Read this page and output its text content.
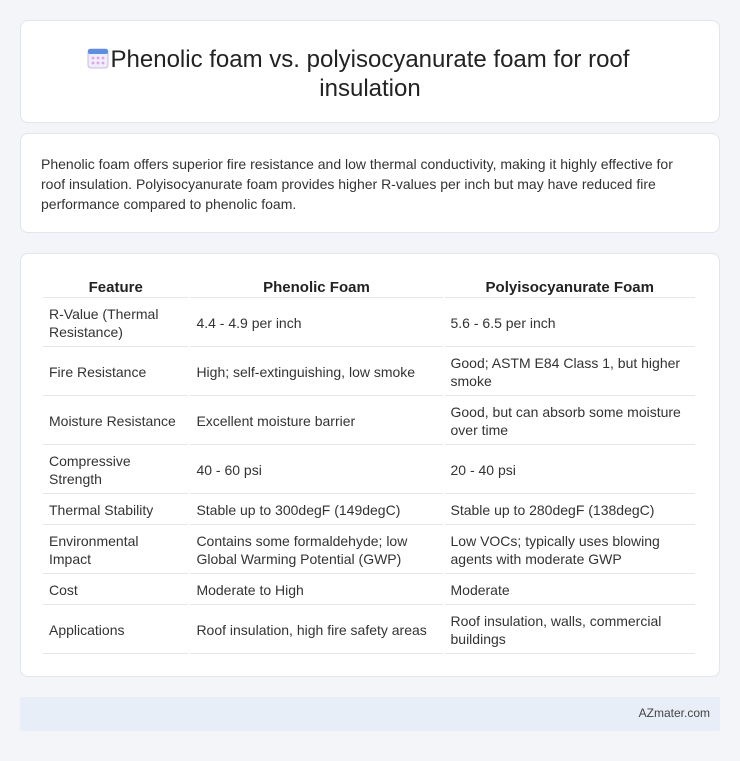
Phenolic foam vs. polyisocyanurate foam for roof insulation

Phenolic foam offers superior fire resistance and low thermal conductivity, making it highly effective for roof insulation. Polyisocyanurate foam provides higher R-values per inch but may have reduced fire performance compared to phenolic foam.

Feature	Phenolic Foam	Polyisocyanurate Foam
R-Value (Thermal Resistance)	4.4 - 4.9 per inch	5.6 - 6.5 per inch
Fire Resistance	High; self-extinguishing, low smoke	Good; ASTM E84 Class 1, but higher smoke
Moisture Resistance	Excellent moisture barrier	Good, but can absorb some moisture over time
Compressive Strength	40 - 60 psi	20 - 40 psi
Thermal Stability	Stable up to 300degF (149degC)	Stable up to 280degF (138degC)
Environmental Impact	Contains some formaldehyde; low Global Warming Potential (GWP)	Low VOCs; typically uses blowing agents with moderate GWP
Cost	Moderate to High	Moderate
Applications	Roof insulation, high fire safety areas	Roof insulation, walls, commercial buildings
AZmater.com
